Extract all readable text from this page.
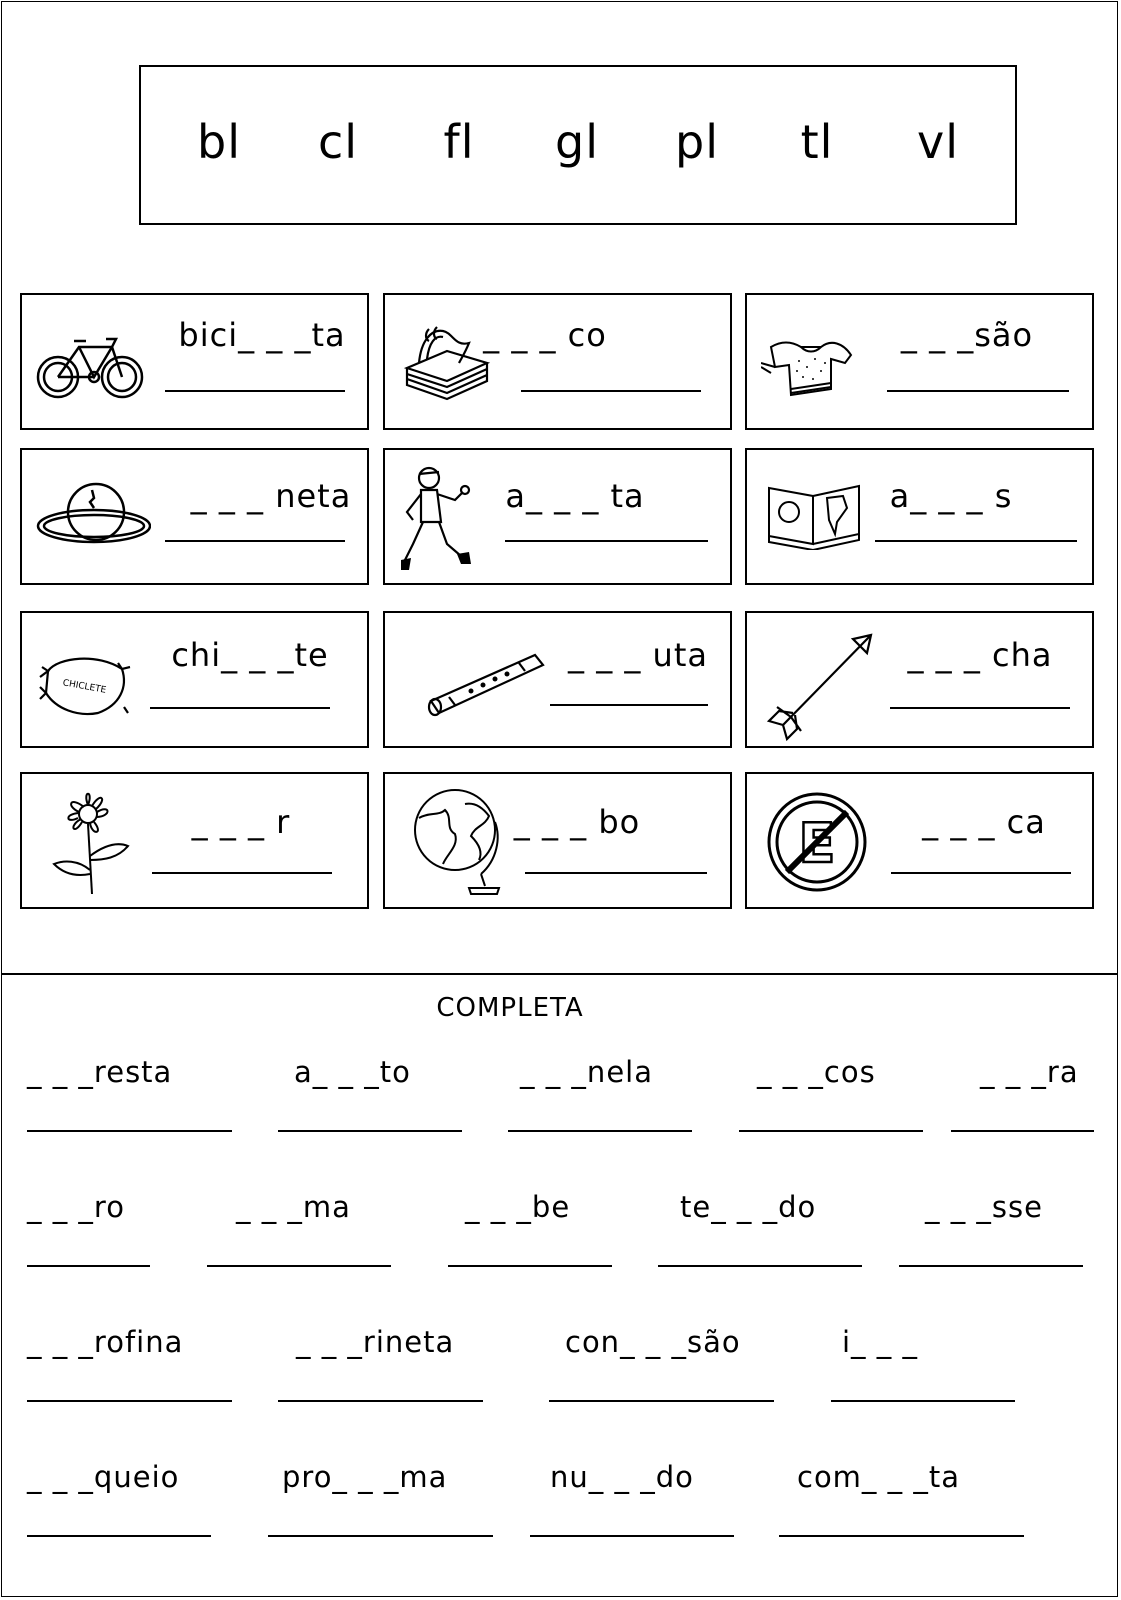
bl cl fl gl pl tl vl
bici_ _ _ta	_ _ _ co	_ _ _são
_ _ _ neta	a_ _ _ ta	a_ _ _ s
CHICLETE
chi_ _ _te	_ _ _ uta	_ _ _ cha
_ _ _ r	_ _ _ bo	E	_ _ _ ca
COMPLETA
_ _ _resta	a_ _ _to	_ _ _nela	_ _ _cos	_ _ _ra
_ _ _ro	_ _ _ma	_ _ _be	te_ _ _do	_ _ _sse
_ _ _rofina	_ _ _rineta	con_ _ _são	i_ _ _
_ _ _queio	pro_ _ _ma	nu_ _ _do	com_ _ _ta
